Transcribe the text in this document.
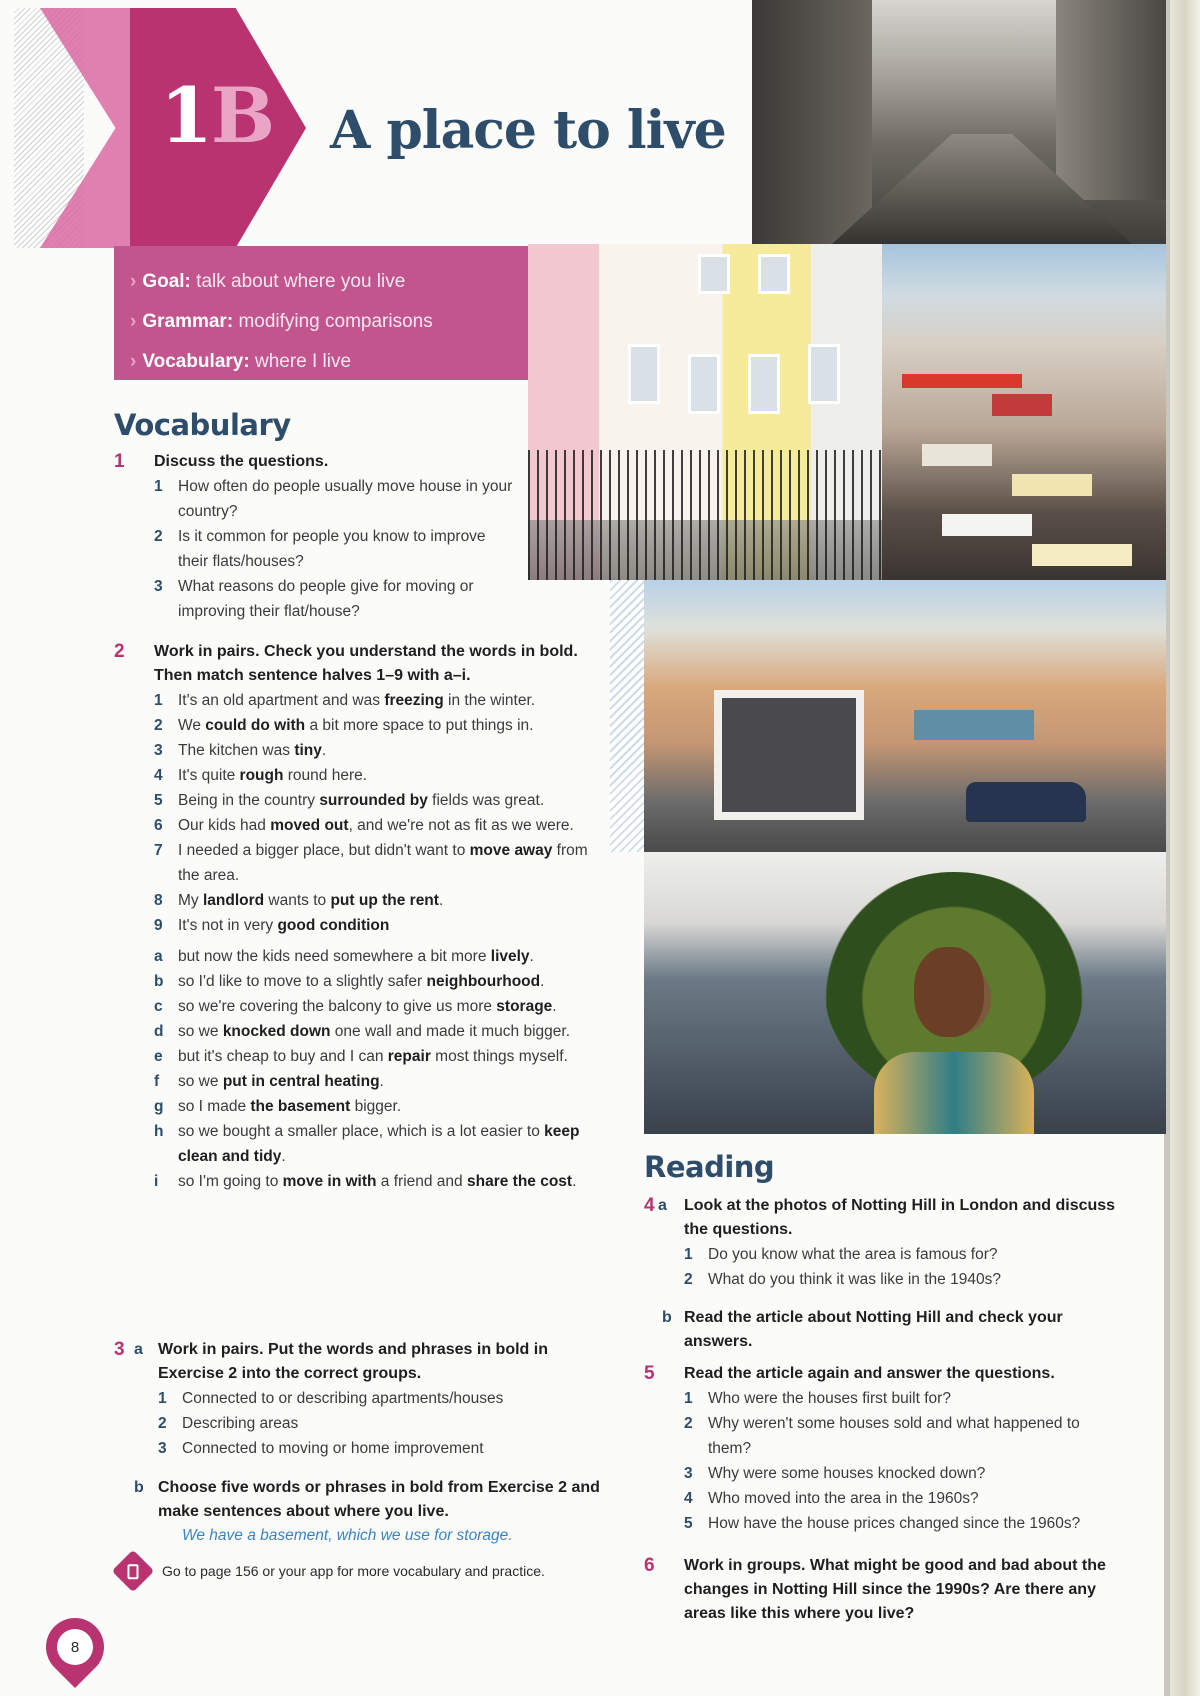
1B A place to live
› Goal: talk about where you live
› Grammar: modifying comparisons
› Vocabulary: where I live
Vocabulary
1 Discuss the questions.
1 How often do people usually move house in your country?
2 Is it common for people you know to improve their flats/houses?
3 What reasons do people give for moving or improving their flat/house?
2 Work in pairs. Check you understand the words in bold. Then match sentence halves 1–9 with a–i.
1 It's an old apartment and was freezing in the winter.
2 We could do with a bit more space to put things in.
3 The kitchen was tiny.
4 It's quite rough round here.
5 Being in the country surrounded by fields was great.
6 Our kids had moved out, and we're not as fit as we were.
7 I needed a bigger place, but didn't want to move away from the area.
8 My landlord wants to put up the rent.
9 It's not in very good condition
a but now the kids need somewhere a bit more lively.
b so I'd like to move to a slightly safer neighbourhood.
c so we're covering the balcony to give us more storage.
d so we knocked down one wall and made it much bigger.
e but it's cheap to buy and I can repair most things myself.
f so we put in central heating.
g so I made the basement bigger.
h so we bought a smaller place, which is a lot easier to keep clean and tidy.
i so I'm going to move in with a friend and share the cost.
3 a Work in pairs. Put the words and phrases in bold in Exercise 2 into the correct groups.
1 Connected to or describing apartments/houses
2 Describing areas
3 Connected to moving or home improvement
b Choose five words or phrases in bold from Exercise 2 and make sentences about where you live.
We have a basement, which we use for storage.
Go to page 156 or your app for more vocabulary and practice.
Reading
4 a Look at the photos of Notting Hill in London and discuss the questions.
1 Do you know what the area is famous for?
2 What do you think it was like in the 1940s?
b Read the article about Notting Hill and check your answers.
5 Read the article again and answer the questions.
1 Who were the houses first built for?
2 Why weren't some houses sold and what happened to them?
3 Why were some houses knocked down?
4 Who moved into the area in the 1960s?
5 How have the house prices changed since the 1960s?
6 Work in groups. What might be good and bad about the changes in Notting Hill since the 1990s? Are there any areas like this where you live?
8
